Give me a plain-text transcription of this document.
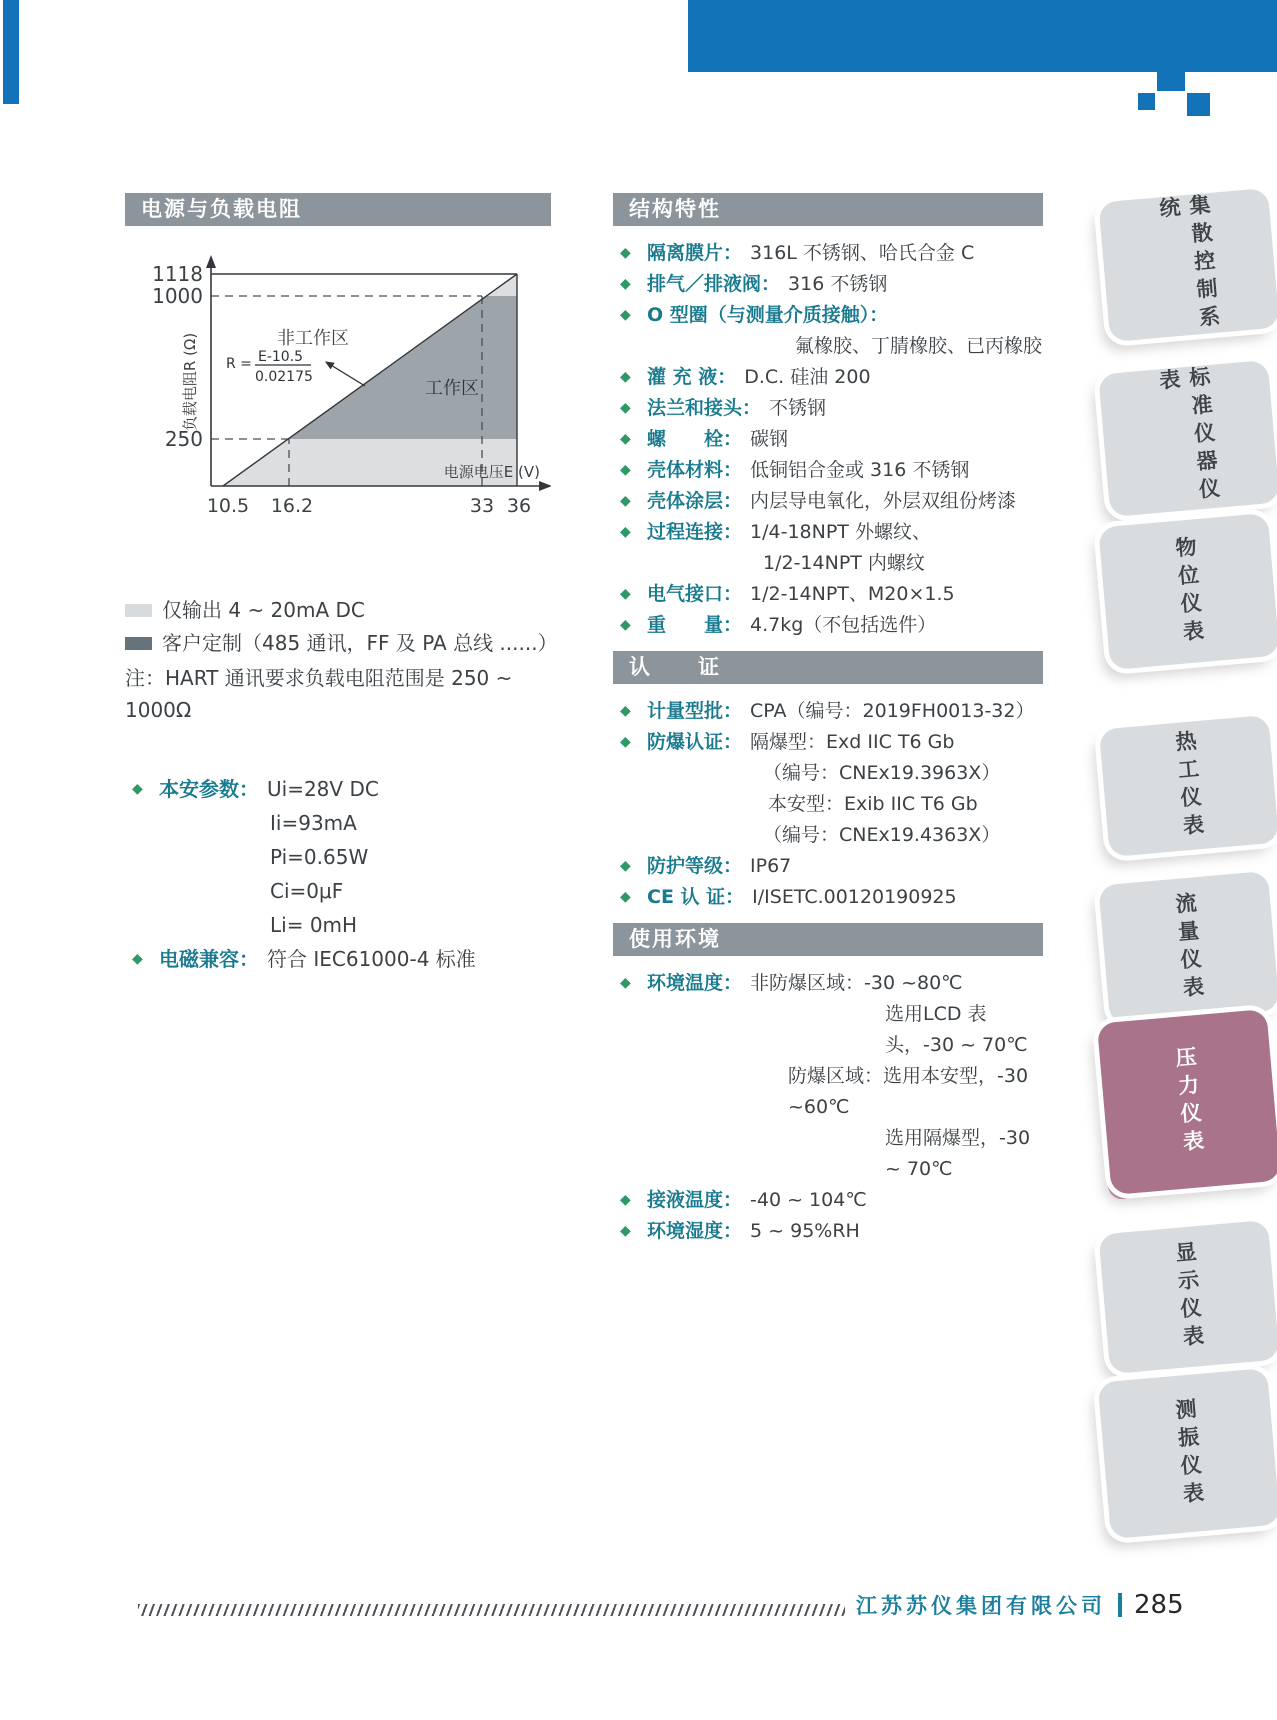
电源与负载电阻
1118
1000
250
10.5 16.2	33 36
电源电压E (V)
负载电阻R (Ω)	非工作区
工作区
R = E-10.5
0.02175
仅输出 4 ~ 20mA DC
客户定制（485 通讯，FF 及 PA 总线 ......）
注：HART 通讯要求负载电阻范围是 250 ~ 1000Ω
◆ 本安参数： Ui=28V DC
Ii=93mA
Pi=0.65W
Ci=0μF
Li= 0mH
◆ 电磁兼容： 符合 IEC61000-4 标准
结构特性
◆ 隔离膜片： 316L 不锈钢、哈氏合金 C
◆ 排气／排液阀： 316 不锈钢
◆ O 型圈（与测量介质接触）：
氟橡胶、丁腈橡胶、已丙橡胶
◆ 灌 充 液： D.C. 硅油 200
◆ 法兰和接头： 不锈钢
◆ 螺　　栓： 碳钢
◆ 壳体材料： 低铜铝合金或 316 不锈钢
◆ 壳体涂层： 内层导电氧化，外层双组份烤漆
◆ 过程连接： 1/4-18NPT 外螺纹、
1/2-14NPT 内螺纹
◆ 电气接口： 1/2-14NPT、M20×1.5
◆ 重　　量： 4.7kg（不包括选件）
认　　证
◆ 计量型批： CPA（编号：2019FH0013-32）
◆ 防爆认证： 隔爆型：Exd IIC T6 Gb
（编号：CNEx19.3963X）
本安型：Exib IIC T6 Gb
（编号：CNEx19.4363X）
◆ 防护等级： IP67
◆ CE 认 证： I/ISETC.00120190925
使用环境
◆ 环境温度： 非防爆区域：-30 ~80℃
选用LCD 表头，-30 ~ 70℃
防爆区域：选用本安型，-30 ~60℃
选用隔爆型，-30 ~ 70℃
◆ 接液温度： -40 ~ 104℃
◆ 环境湿度： 5 ~ 95%RH
集散控制系统
标准仪器仪表
物位仪表
热工仪表
流量仪表
压力仪表
显示仪表
测振仪表
江苏苏仪集团有限公司 285
